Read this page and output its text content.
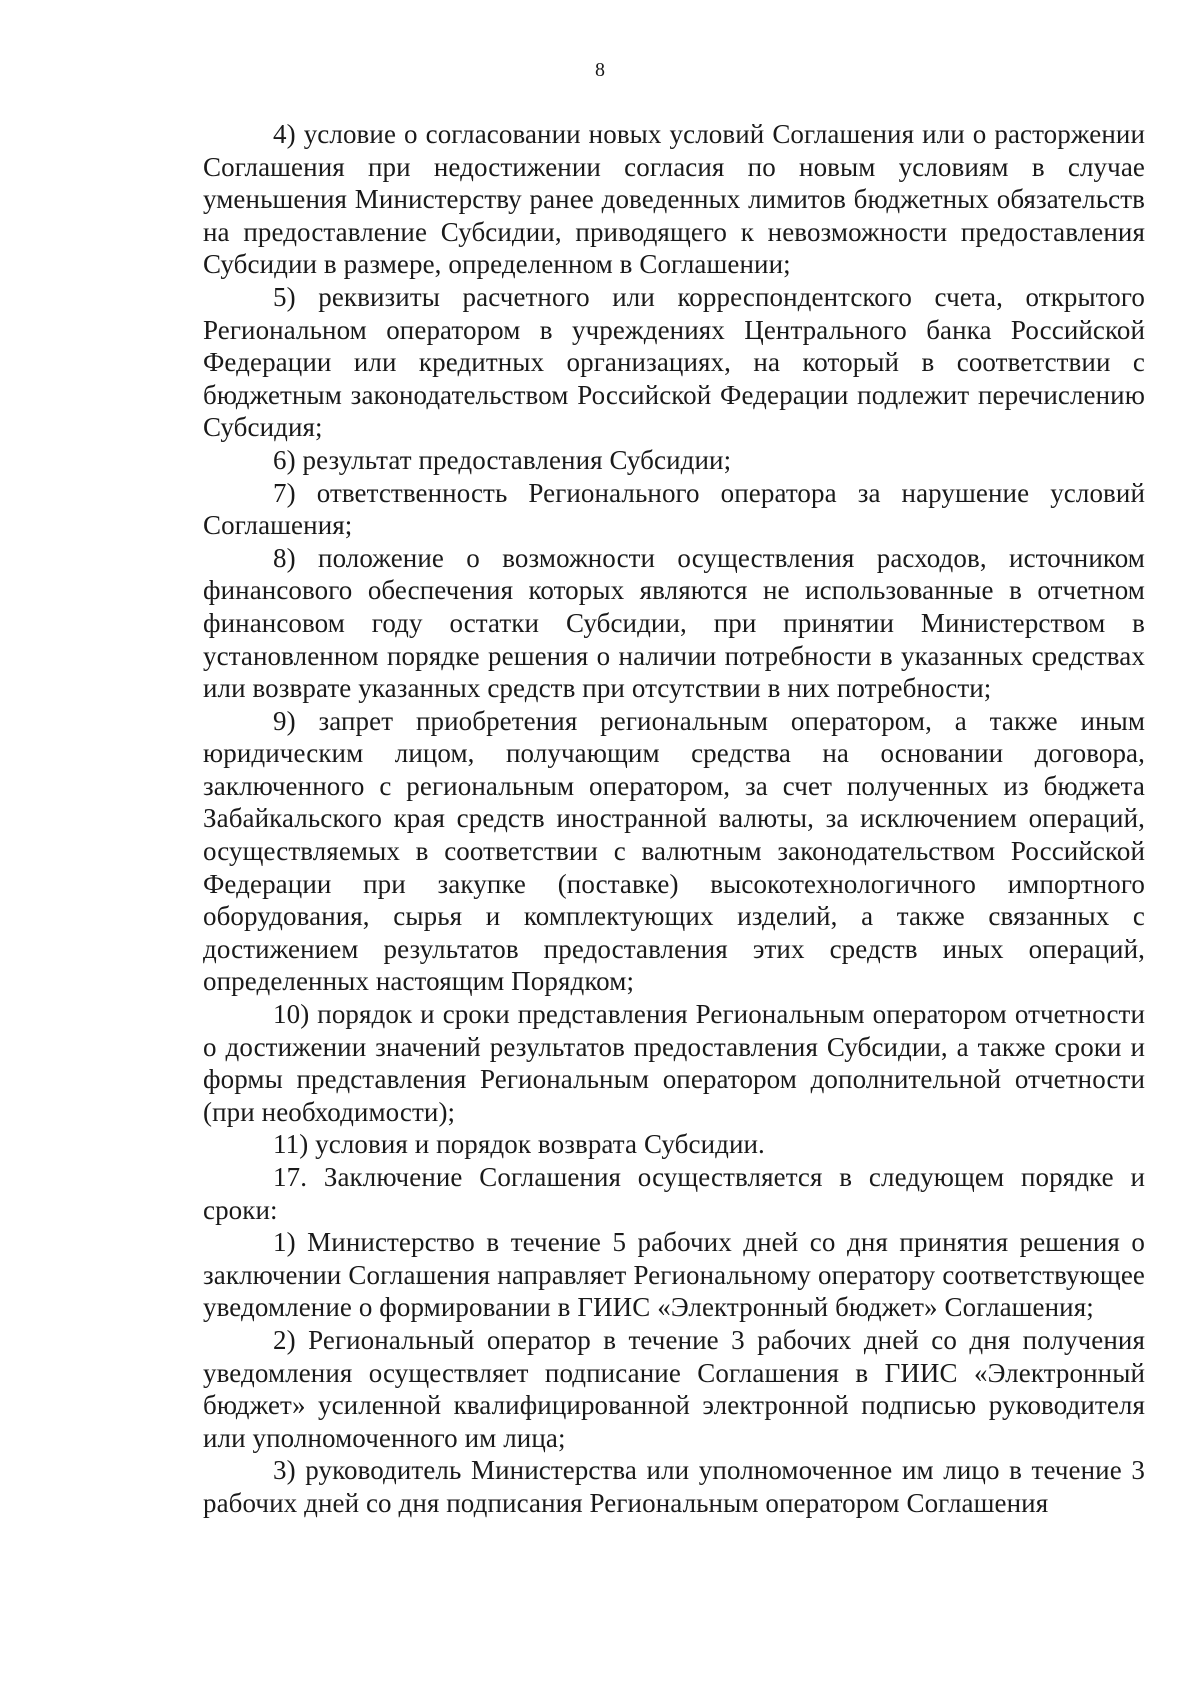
8

4) условие о согласовании новых условий Соглашения или о расторжении Соглашения при недостижении согласия по новым условиям в случае уменьшения Министерству ранее доведенных лимитов бюджетных обязательств на предоставление Субсидии, приводящего к невозможности предоставления Субсидии в размере, определенном в Соглашении;

5) реквизиты расчетного или корреспондентского счета, открытого Региональном оператором в учреждениях Центрального банка Российской Федерации или кредитных организациях, на который в соответствии с бюджетным законодательством Российской Федерации подлежит перечислению Субсидия;

6) результат предоставления Субсидии;

7) ответственность Регионального оператора за нарушение условий Соглашения;

8) положение о возможности осуществления расходов, источником финансового обеспечения которых являются не использованные в отчетном финансовом году остатки Субсидии, при принятии Министерством в установленном порядке решения о наличии потребности в указанных средствах или возврате указанных средств при отсутствии в них потребности;

9) запрет приобретения региональным оператором, а также иным юридическим лицом, получающим средства на основании договора, заключенного с региональным оператором, за счет полученных из бюджета Забайкальского края средств иностранной валюты, за исключением операций, осуществляемых в соответствии с валютным законодательством Российской Федерации при закупке (поставке) высокотехнологичного импортного оборудования, сырья и комплектующих изделий, а также связанных с достижением результатов предоставления этих средств иных операций, определенных настоящим Порядком;

10) порядок и сроки представления Региональным оператором отчетности о достижении значений результатов предоставления Субсидии, а также сроки и формы представления Региональным оператором дополнительной отчетности (при необходимости);

11) условия и порядок возврата Субсидии.

17. Заключение Соглашения осуществляется в следующем порядке и сроки:

1) Министерство в течение 5 рабочих дней со дня принятия решения о заключении Соглашения направляет Региональному оператору соответствующее уведомление о формировании в ГИИС «Электронный бюджет» Соглашения;

2) Региональный оператор в течение 3 рабочих дней со дня получения уведомления осуществляет подписание Соглашения в ГИИС «Электронный бюджет» усиленной квалифицированной электронной подписью руководителя или уполномоченного им лица;

3) руководитель Министерства или уполномоченное им лицо в течение 3 рабочих дней со дня подписания Региональным оператором Соглашения
